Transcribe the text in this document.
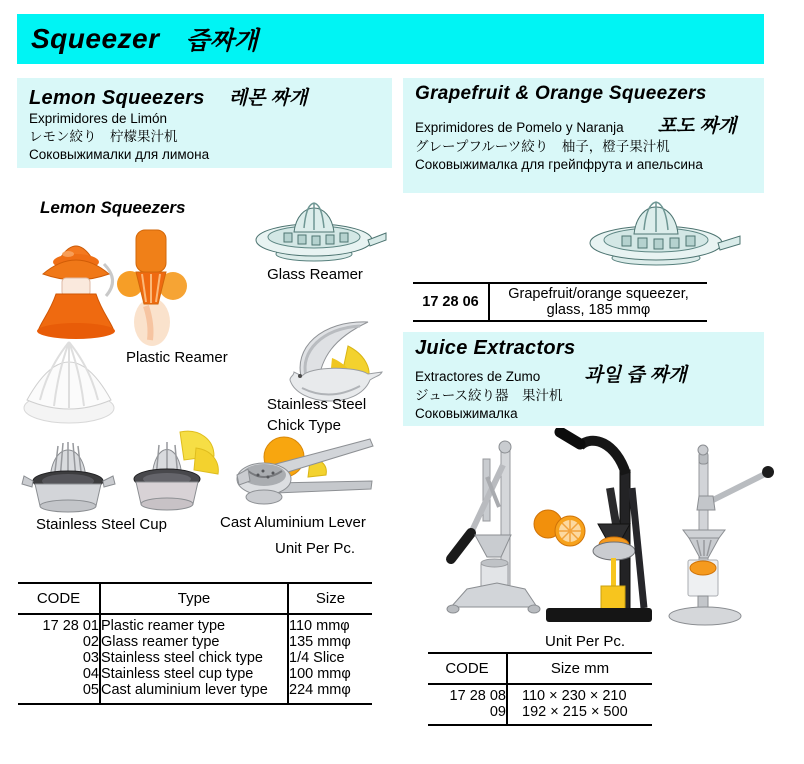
Squeezer 즙짜개
Lemon Squeezers 레몬 짜개
Exprimidores de Limón
レモン絞り　柠檬果汁机
Соковыжималки для лимона
Grapefruit & Orange Squeezers
Exprimidores de Pomelo y Naranja 포도 짜개
グレープフルーツ絞り　柚子，橙子果汁机
Соковыжималка для грейпфрута и апельсина
Lemon Squeezers
Glass Reamer
Plastic Reamer
Stainless Steel
Chick Type
Stainless Steel Cup	Cast Aluminium Lever
Unit Per Pc.
CODE	Type	Size
17 28 01	Plastic reamer type	110 mmφ
02	Glass reamer type	135 mmφ
03	Stainless steel chick type	1/4 Slice
04	Stainless steel cup type	100 mmφ
05	Cast aluminium lever type	224 mmφ
17 28 06	Grapefruit/orange squeezer,
glass, 185 mmφ
Juice Extractors
Extractores de Zumo 과일 즙 짜개
ジュース絞り器　果汁机
Соковыжималка
Unit Per Pc.
CODE	Size mm
17 28 08	110 × 230 × 210
09	192 × 215 × 500
